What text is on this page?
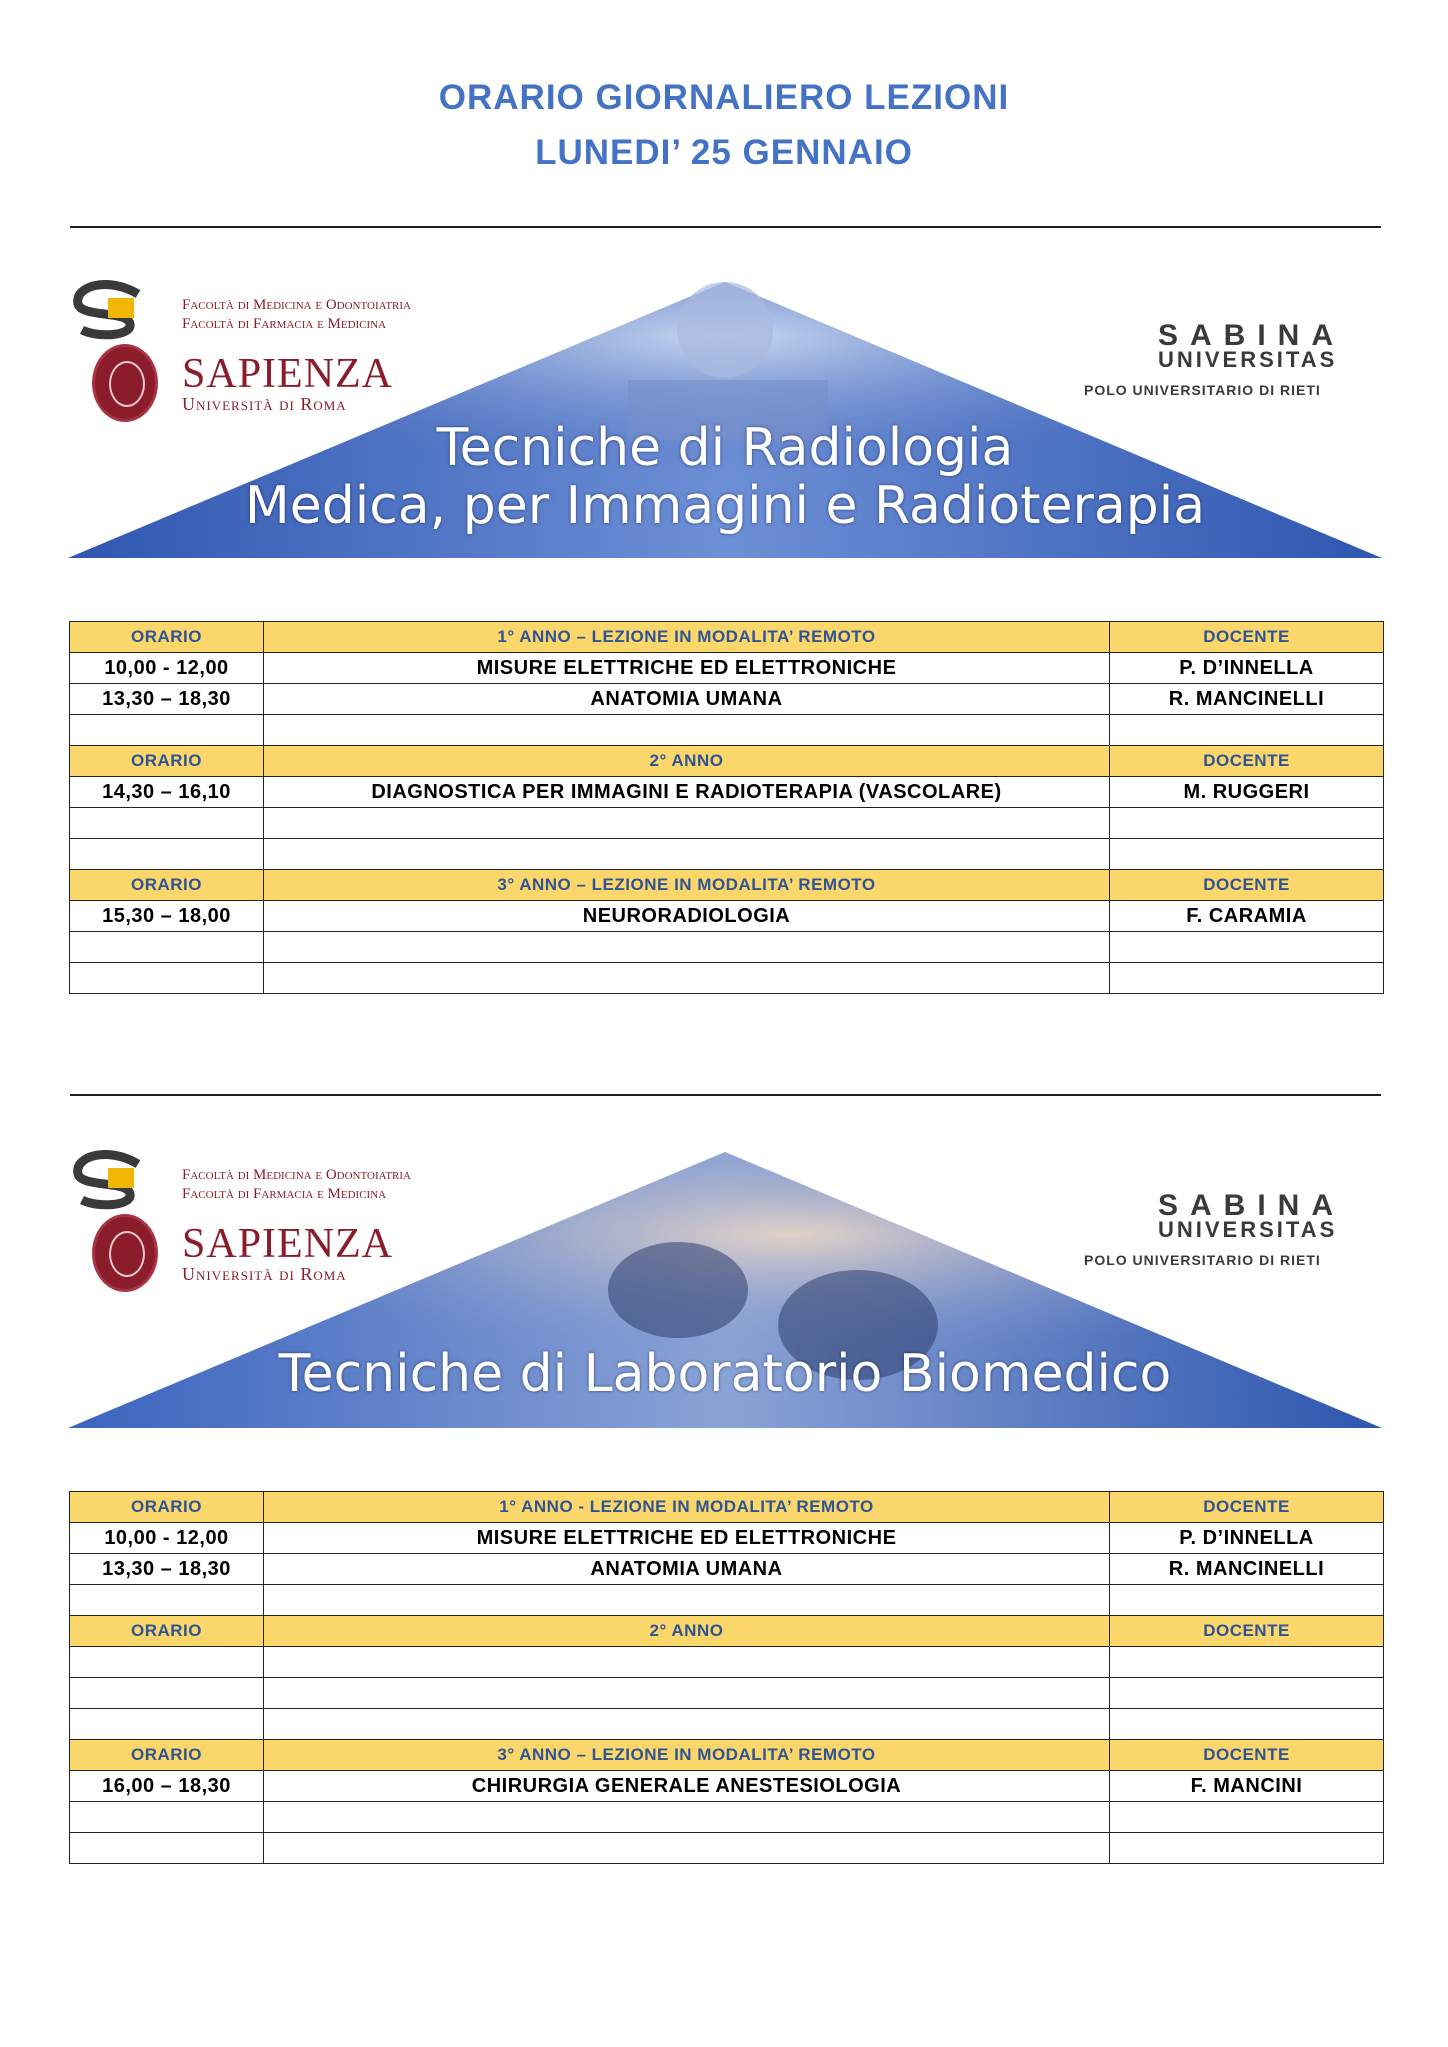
ORARIO GIORNALIERO LEZIONI
LUNEDI’ 25 GENNAIO
Facoltà di Medicina e Odontoiatria
Facoltà di Farmacia e Medicina
SAPIENZA
Università di Roma
SABINA
UNIVERSITAS
POLO UNIVERSITARIO DI RIETI
Tecniche di Radiologia
Medica, per Immagini e Radioterapia
ORARIO	1° ANNO – LEZIONE IN MODALITA’ REMOTO	DOCENTE
10,00 - 12,00	MISURE ELETTRICHE ED ELETTRONICHE	P. D’INNELLA
13,30 – 18,30	ANATOMIA UMANA	R. MANCINELLI

ORARIO	2° ANNO	DOCENTE
14,30 – 16,10	DIAGNOSTICA PER IMMAGINI E RADIOTERAPIA (VASCOLARE)	M. RUGGERI

ORARIO	3° ANNO – LEZIONE IN MODALITA’ REMOTO	DOCENTE
15,30 – 18,00	NEURORADIOLOGIA	F. CARAMIA

Facoltà di Medicina e Odontoiatria
Facoltà di Farmacia e Medicina
SAPIENZA
Università di Roma
SABINA
UNIVERSITAS
POLO UNIVERSITARIO DI RIETI
Tecniche di Laboratorio Biomedico
ORARIO	1° ANNO - LEZIONE IN MODALITA’ REMOTO	DOCENTE
10,00 - 12,00	MISURE ELETTRICHE ED ELETTRONICHE	P. D’INNELLA
13,30 – 18,30	ANATOMIA UMANA	R. MANCINELLI

ORARIO	2° ANNO	DOCENTE

ORARIO	3° ANNO – LEZIONE IN MODALITA’ REMOTO	DOCENTE
16,00 – 18,30	CHIRURGIA GENERALE ANESTESIOLOGIA	F. MANCINI
